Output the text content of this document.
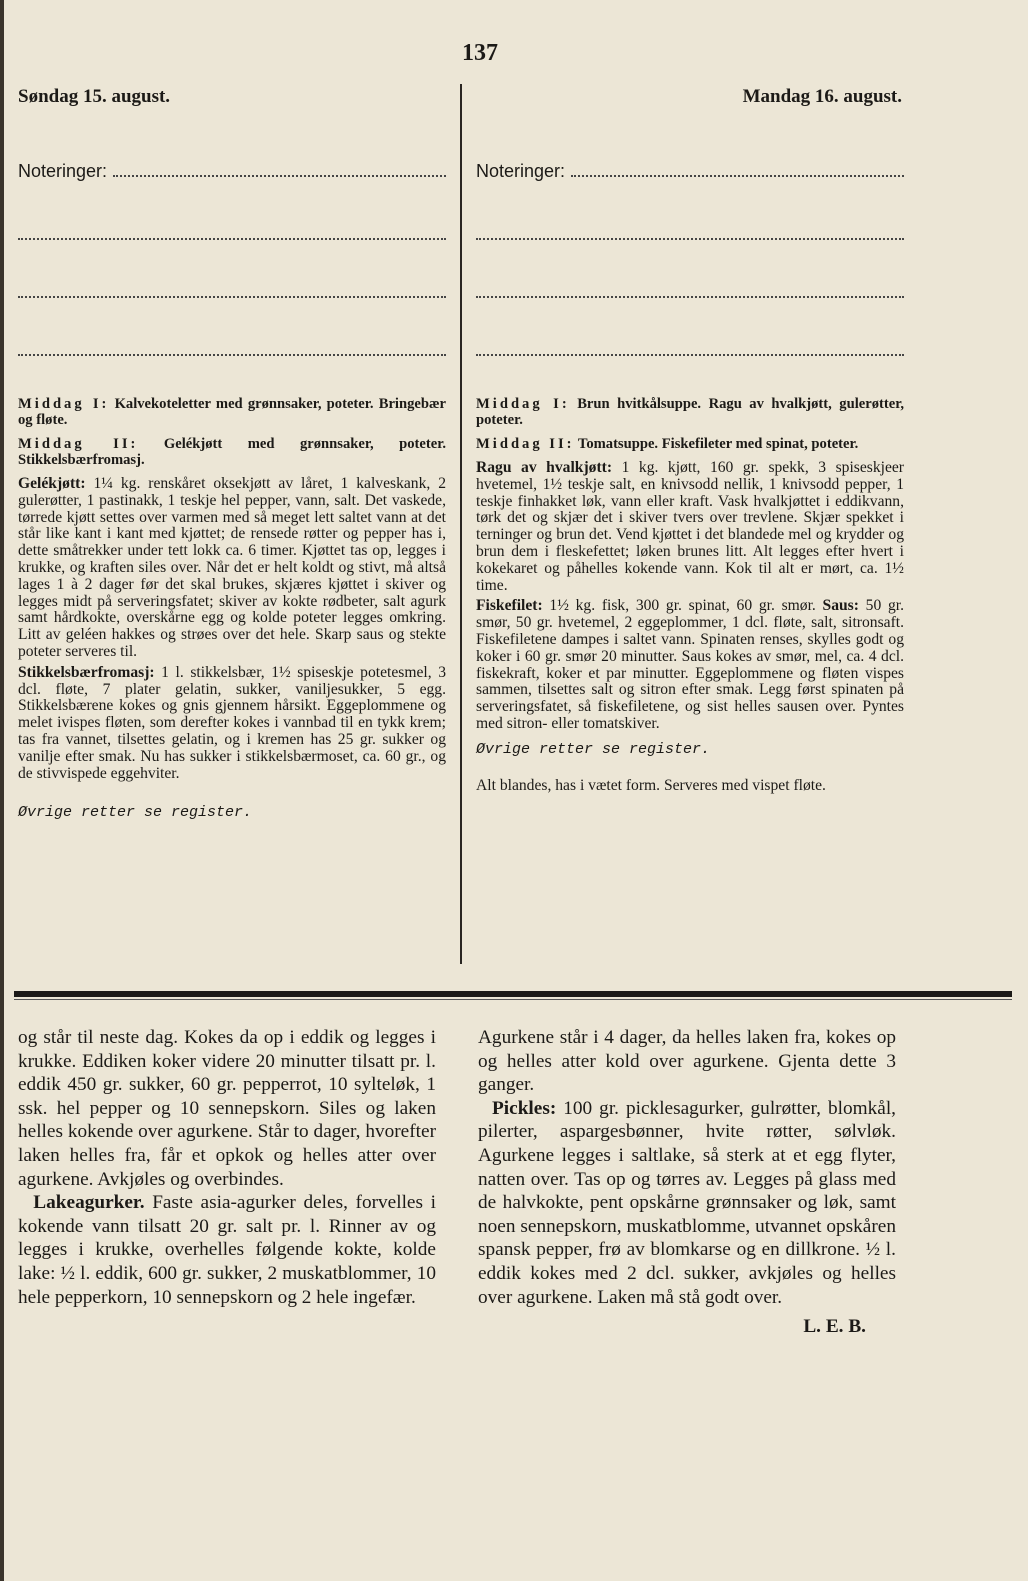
137
Søndag 15. august.
Noteringer:

Middag I: Kalvekoteletter med grønnsaker, poteter. Bringebær og fløte.

Middag II: Gelékjøtt med grønnsaker, poteter. Stikkelsbærfromasj.

Gelékjøtt: 1¼ kg. renskåret oksekjøtt av låret, 1 kalveskank, 2 gulerøtter, 1 pastinakk, 1 teskje hel pepper, vann, salt. Det vaskede, tørrede kjøtt settes over varmen med så meget lett saltet vann at det står like kant i kant med kjøttet; de rensede røtter og pepper has i, dette småtrekker under tett lokk ca. 6 timer. Kjøttet tas op, legges i krukke, og kraften siles over. Når det er helt koldt og stivt, må altså lages 1 à 2 dager før det skal brukes, skjæres kjøttet i skiver og legges midt på serveringsfatet; skiver av kokte rødbeter, salt agurk samt hårdkokte, overskårne egg og kolde poteter legges omkring. Litt av geléen hakkes og strøes over det hele. Skarp saus og stekte poteter serveres til.
Stikkelsbærfromasj: 1 l. stikkelsbær, 1½ spiseskje potetesmel, 3 dcl. fløte, 7 plater gelatin, sukker, vaniljesukker, 5 egg. Stikkelsbærene kokes og gnis gjennem hårsikt. Eggeplommene og melet ivispes fløten, som derefter kokes i vannbad til en tykk krem; tas fra vannet, tilsettes gelatin, og i kremen has 25 gr. sukker og vanilje efter smak. Nu has sukker i stikkelsbærmoset, ca. 60 gr., og de stivvispede eggehviter.
Øvrige retter se register.
Mandag 16. august.
Noteringer:

Middag I: Brun hvitkålsuppe. Ragu av hvalkjøtt, gulerøtter, poteter.

Middag II: Tomatsuppe. Fiskefileter med spinat, poteter.

Ragu av hvalkjøtt: 1 kg. kjøtt, 160 gr. spekk, 3 spiseskjeer hvetemel, 1½ teskje salt, en knivsodd nellik, 1 knivsodd pepper, 1 teskje finhakket løk, vann eller kraft. Vask hvalkjøttet i eddikvann, tørk det og skjær det i skiver tvers over trevlene. Skjær spekket i terninger og brun det. Vend kjøttet i det blandede mel og krydder og brun dem i fleskefettet; løken brunes litt. Alt legges efter hvert i kokekaret og påhelles kokende vann. Kok til alt er mørt, ca. 1½ time.
Fiskefilet: 1½ kg. fisk, 300 gr. spinat, 60 gr. smør. Saus: 50 gr. smør, 50 gr. hvetemel, 2 eggeplommer, 1 dcl. fløte, salt, sitronsaft. Fiskefiletene dampes i saltet vann. Spinaten renses, skylles godt og koker i 60 gr. smør 20 minutter. Saus kokes av smør, mel, ca. 4 dcl. fiskekraft, koker et par minutter. Eggeplommene og fløten vispes sammen, tilsettes salt og sitron efter smak. Legg først spinaten på serveringsfatet, så fiskefiletene, og sist helles sausen over. Pyntes med sitron- eller tomatskiver.
Øvrige retter se register.
Alt blandes, has i vætet form. Serveres med vispet fløte.
og står til neste dag. Kokes da op i eddik og legges i krukke. Eddiken koker videre 20 minutter tilsatt pr. l. eddik 450 gr. sukker, 60 gr. pepperrot, 10 syltеløk, 1 ssk. hel pepper og 10 sennepskorn. Siles og laken helles kokende over agurkene. Står to dager, hvorefter laken helles fra, får et opkok og helles atter over agurkene. Avkjøles og overbindes.
Lakeagurker. Faste asia-agurker deles, forvelles i kokende vann tilsatt 20 gr. salt pr. l. Rinner av og legges i krukke, overhelles følgende kokte, kolde lake: ½ l. eddik, 600 gr. sukker, 2 muskatblommer, 10 hele pepperkorn, 10 sennepskorn og 2 hele ingefær.
Agurkene står i 4 dager, da helles laken fra, kokes op og helles atter kold over agurkene. Gjenta dette 3 ganger.
Pickles: 100 gr. picklesagurker, gulrøtter, blomkål, pilerter, aspargesbønner, hvite røtter, sølvløk. Agurkene legges i saltlake, så sterk at et egg flyter, natten over. Tas op og tørres av. Legges på glass med de halvkokte, pent opskårne grønnsaker og løk, samt noen sennepskorn, muskatblomme, utvannet opskåren spansk pepper, frø av blomkarse og en dillkrone. ½ l. eddik kokes med 2 dcl. sukker, avkjøles og helles over agurkene. Laken må stå godt over.
L. E. B.
